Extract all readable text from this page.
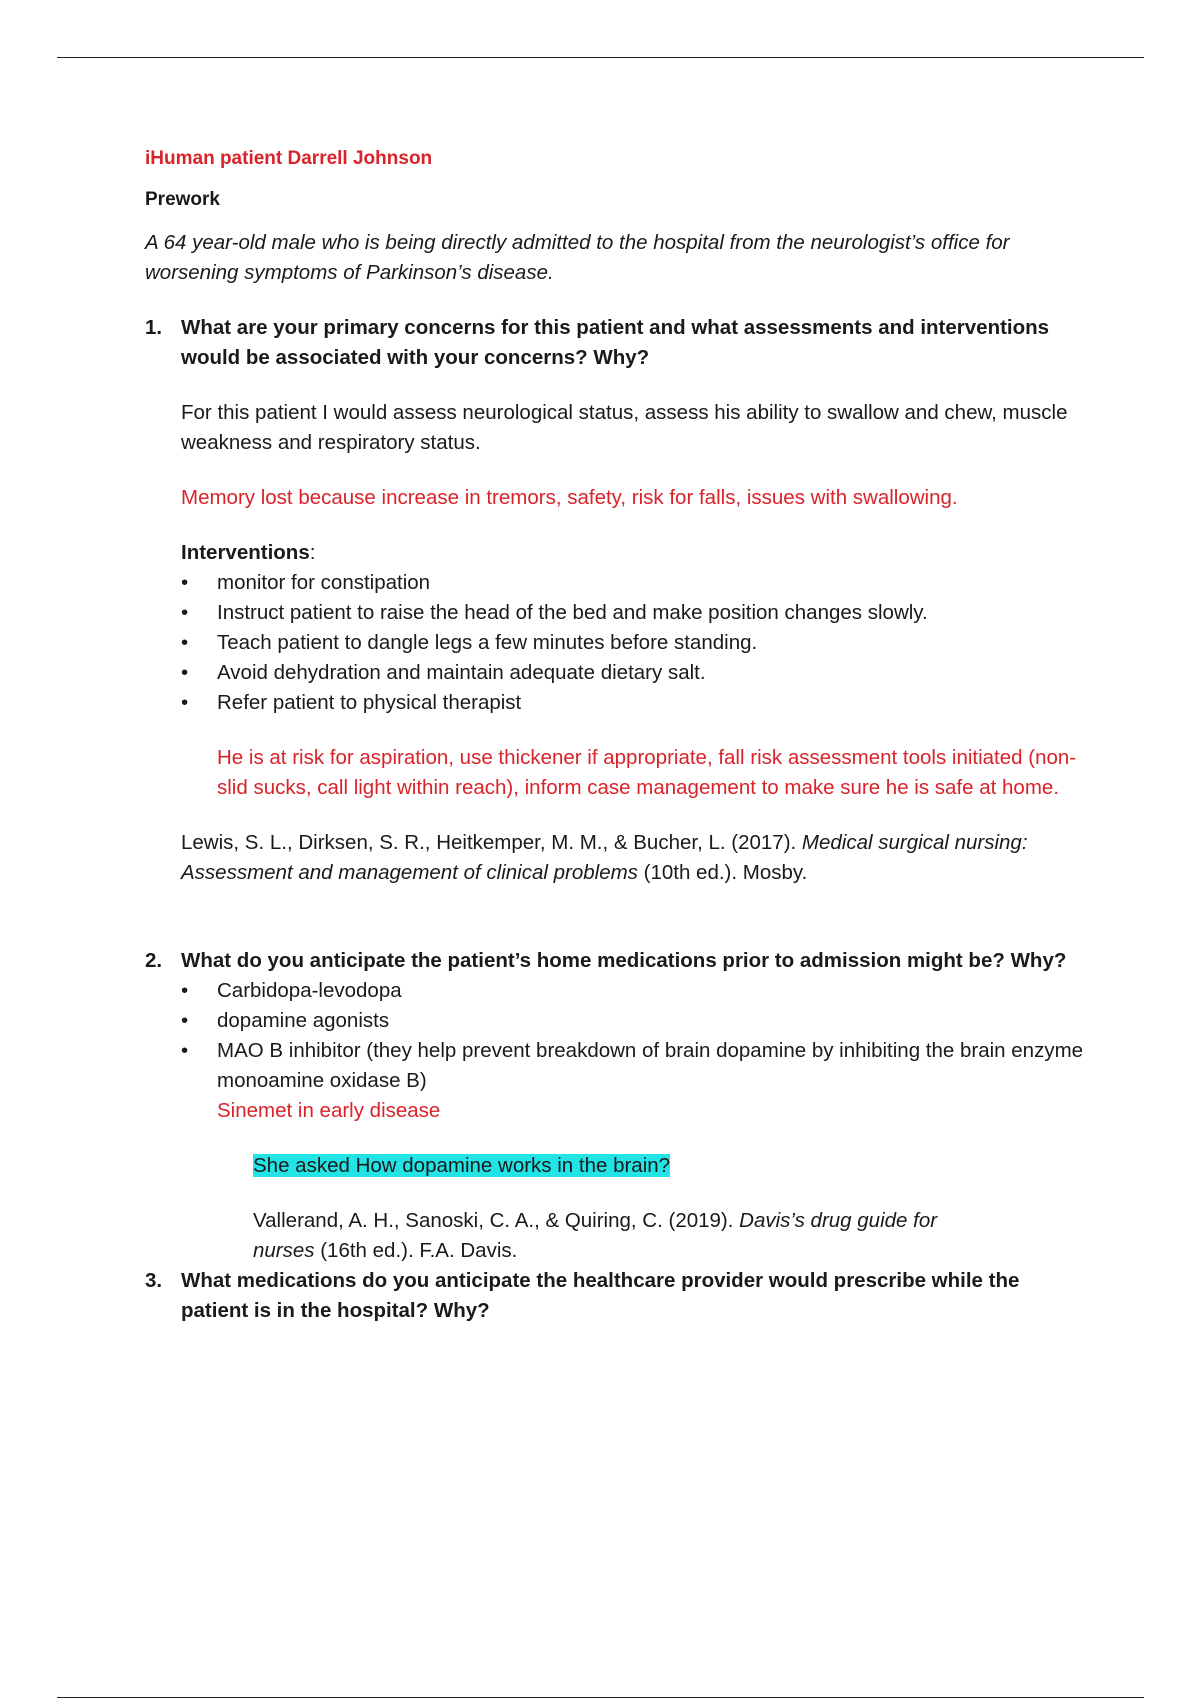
iHuman patient Darrell Johnson

Prework

A 64 year-old male who is being directly admitted to the hospital from the neurologist’s office for worsening symptoms of Parkinson’s disease.

1. What are your primary concerns for this patient and what assessments and interventions would be associated with your concerns? Why?

For this patient I would assess neurological status, assess his ability to swallow and chew, muscle weakness and respiratory status.

Memory lost because increase in tremors, safety, risk for falls, issues with swallowing.

Interventions:

• monitor for constipation
• Instruct patient to raise the head of the bed and make position changes slowly.
• Teach patient to dangle legs a few minutes before standing.
• Avoid dehydration and maintain adequate dietary salt.
• Refer patient to physical therapist

He is at risk for aspiration, use thickener if appropriate, fall risk assessment tools initiated (non-slid sucks, call light within reach), inform case management to make sure he is safe at home.

Lewis, S. L., Dirksen, S. R., Heitkemper, M. M., & Bucher, L. (2017). Medical surgical nursing: Assessment and management of clinical problems (10th ed.). Mosby.

2. What do you anticipate the patient’s home medications prior to admission might be? Why?
• Carbidopa-levodopa
• dopamine agonists
• MAO B inhibitor (they help prevent breakdown of brain dopamine by inhibiting the brain enzyme monoamine oxidase B)

Sinemet in early disease

She asked How dopamine works in the brain?

Vallerand, A. H., Sanoski, C. A., & Quiring, C. (2019). Davis’s drug guide for nurses (16th ed.). F.A. Davis.

3. What medications do you anticipate the healthcare provider would prescribe while the patient is in the hospital? Why?
